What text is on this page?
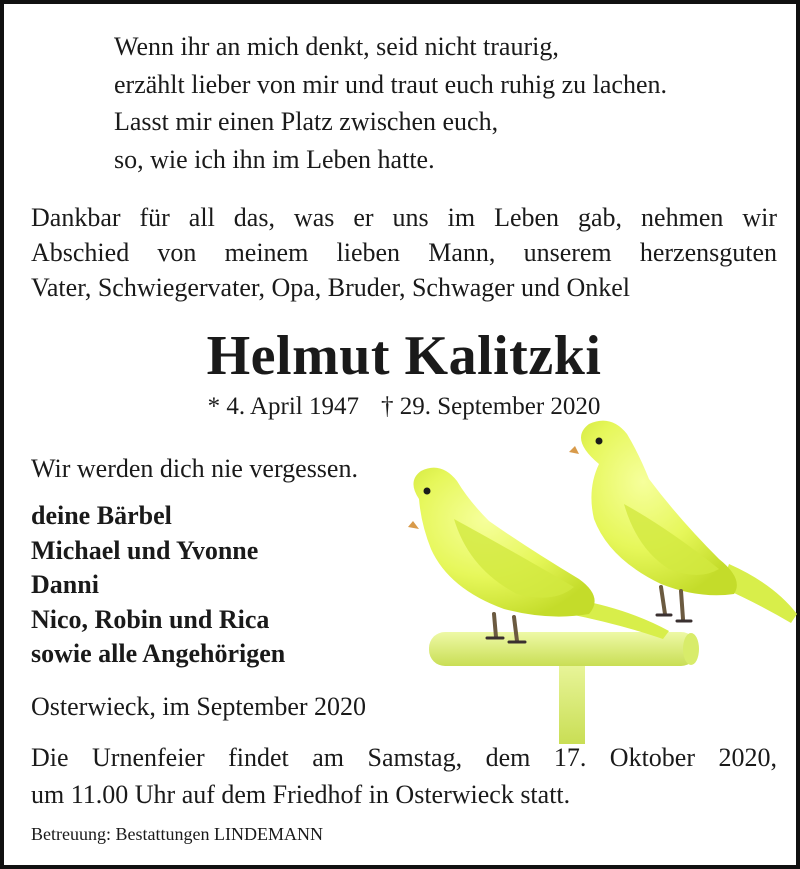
Wenn ihr an mich denkt, seid nicht traurig,
erzählt lieber von mir und traut euch ruhig zu lachen.
Lasst mir einen Platz zwischen euch,
so, wie ich ihn im Leben hatte.
Dankbar für all das, was er uns im Leben gab, nehmen wir
Abschied von meinem lieben Mann, unserem herzensguten
Vater, Schwiegervater, Opa, Bruder, Schwager und Onkel
Helmut Kalitzki
* 4. April 1947 † 29. September 2020
Wir werden dich nie vergessen.
deine Bärbel
Michael und Yvonne
Danni
Nico, Robin und Rica
sowie alle Angehörigen
Osterwieck, im September 2020
Die Urnenfeier findet am Samstag, dem 17. Oktober 2020,
um 11.00 Uhr auf dem Friedhof in Osterwieck statt.
Betreuung: Bestattungen LINDEMANN
